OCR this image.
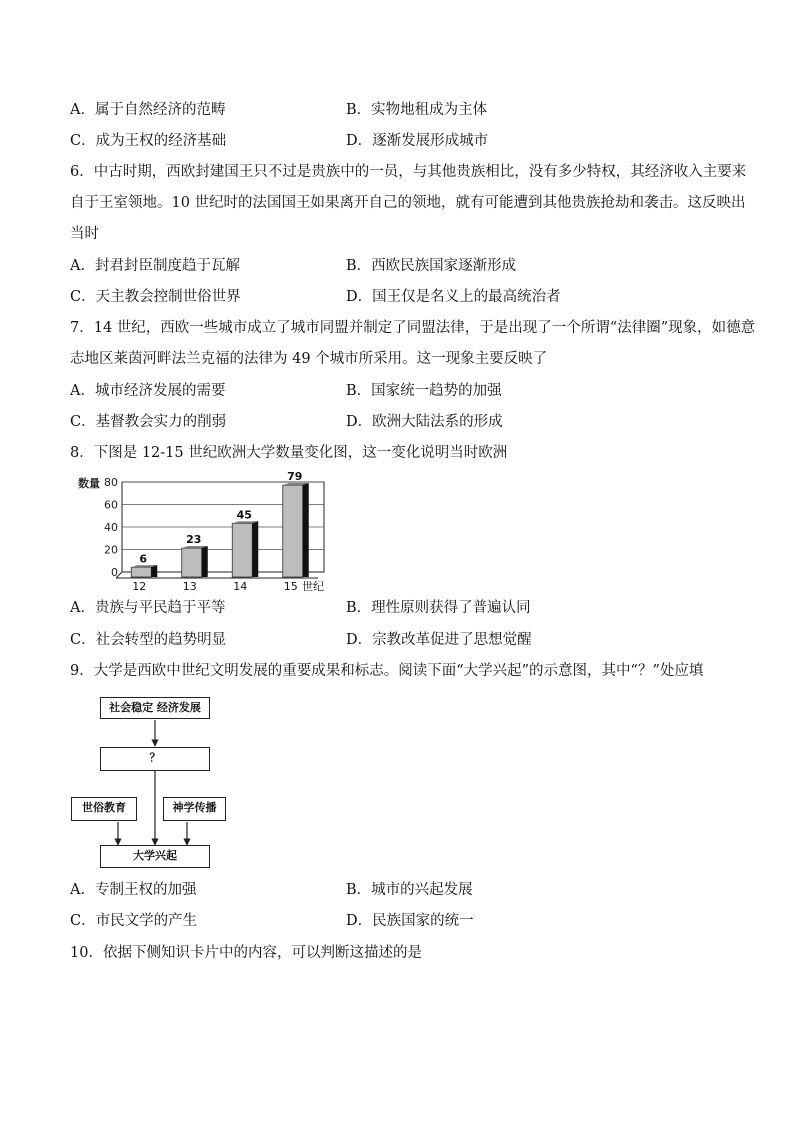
A．属于自然经济的范畴	B．实物地租成为主体
C．成为王权的经济基础	D．逐渐发展形成城市
6．中古时期，西欧封建国王只不过是贵族中的一员，与其他贵族相比，没有多少特权，其经济收入主要来
自于王室领地。10 世纪时的法国国王如果离开自己的领地，就有可能遭到其他贵族抢劫和袭击。这反映出
当时
A．封君封臣制度趋于瓦解	B．西欧民族国家逐渐形成
C．天主教会控制世俗世界	D．国王仅是名义上的最高统治者
7．14 世纪，西欧一些城市成立了城市同盟并制定了同盟法律，于是出现了一个所谓“法律圈”现象，如德意
志地区莱茵河畔法兰克福的法律为 49 个城市所采用。这一现象主要反映了
A．城市经济发展的需要	B．国家统一趋势的加强
C．基督教会实力的削弱	D．欧洲大陆法系的形成
8．下图是 12-15 世纪欧洲大学数量变化图，这一变化说明当时欧洲
0
20
40
60
80
数量
6
12
23
13
45
14
79
15 世纪
A．贵族与平民趋于平等	B．理性原则获得了普遍认同
C．社会转型的趋势明显	D．宗教改革促进了思想觉醒
9．大学是西欧中世纪文明发展的重要成果和标志。阅读下面“大学兴起”的示意图，其中“？”处应填
社会稳定 经济发展
？
世俗教育	神学传播
大学兴起
A．专制王权的加强	B．城市的兴起发展
C．市民文学的产生	D．民族国家的统一
10．依据下侧知识卡片中的内容，可以判断这描述的是
